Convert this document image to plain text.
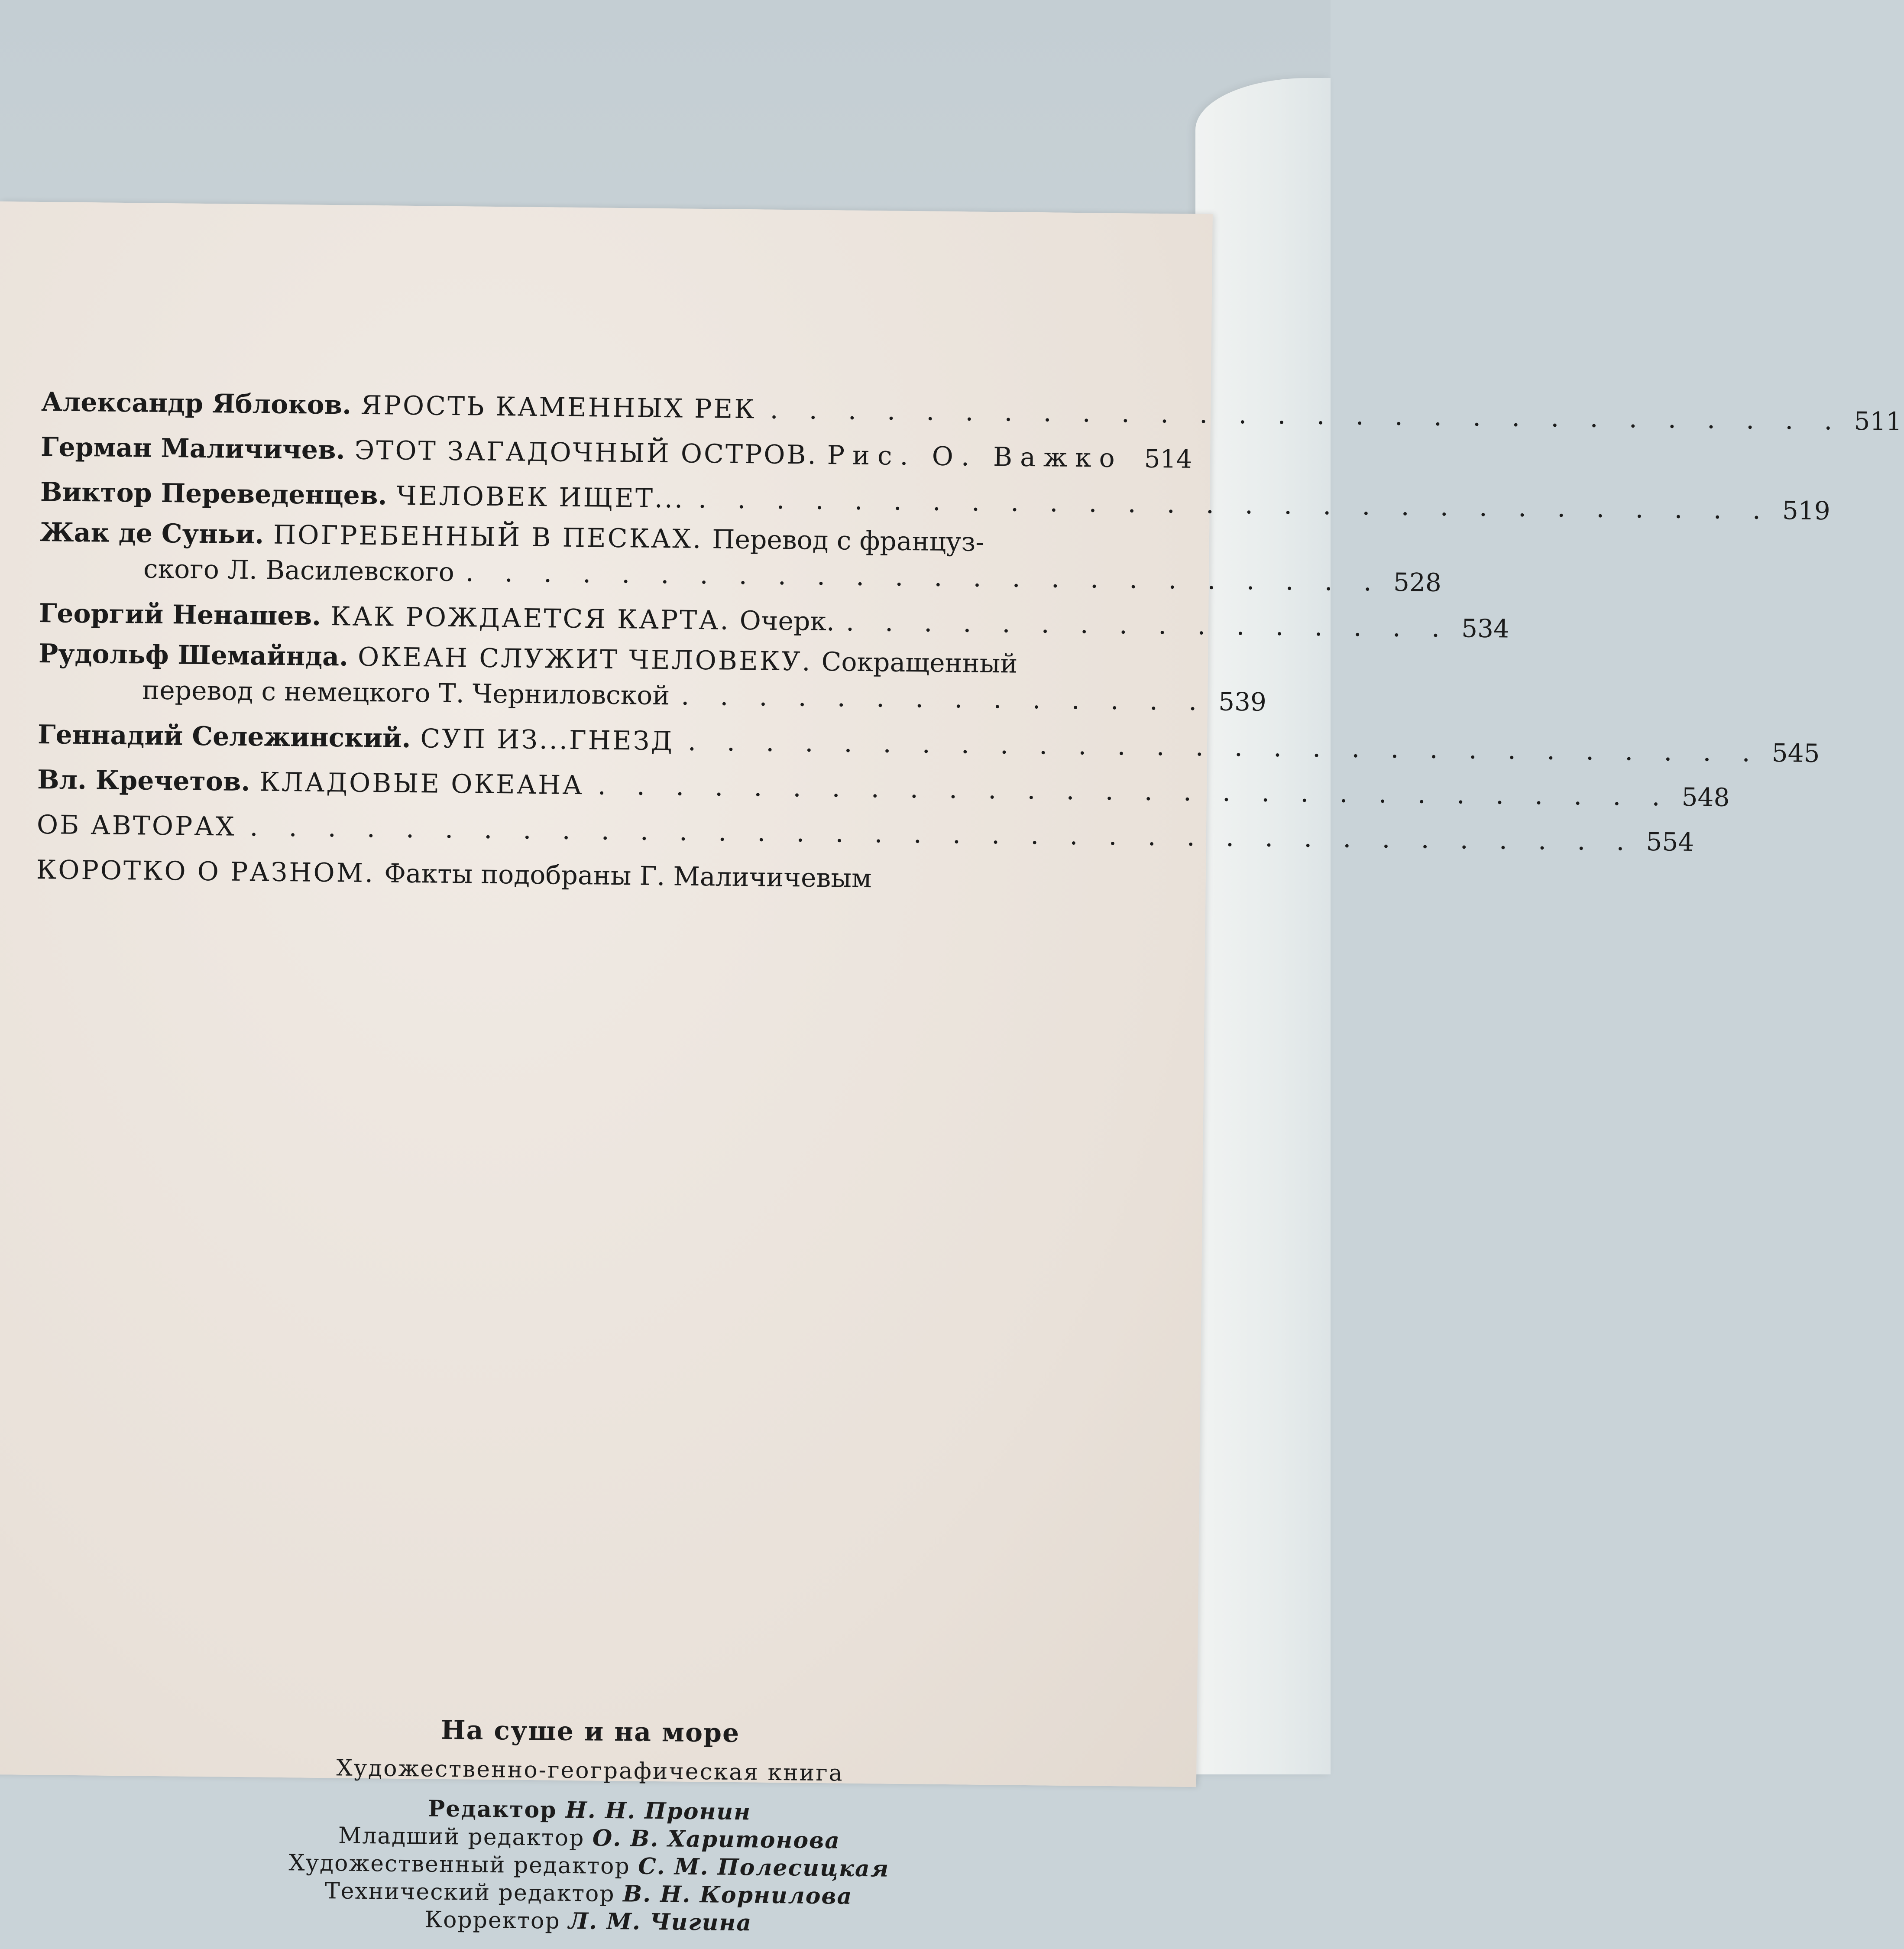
Александр Яблоков. ЯРОСТЬ КАМЕННЫХ РЕК . . . . . . . . . . . . . . . . . . . . . . . . . . . . 511
Герман Маличичев. ЭТОТ ЗАГАДОЧНЫЙ ОСТРОВ. Рис. О. Важко 514
Виктор Переведенцев. ЧЕЛОВЕК ИЩЕТ... . . . . . . . . . . . . . . . . . . . . . . . . . . . . 519
Жак де Суньи. ПОГРЕБЕННЫЙ В ПЕСКАХ. Перевод с француз-
ского Л. Василевского . . . . . . . . . . . . . . . . . . . . . . . . 528
Георгий Ненашев. КАК РОЖДАЕТСЯ КАРТА. Очерк. . . . . . . . . . . . . . . . . 534
Рудольф Шемайнда. ОКЕАН СЛУЖИТ ЧЕЛОВЕКУ. Сокращенный
перевод с немецкого Т. Черниловской . . . . . . . . . . . . . . 539
Геннадий Сележинский. СУП ИЗ...ГНЕЗД . . . . . . . . . . . . . . . . . . . . . . . . . . . . 545
Вл. Кречетов. КЛАДОВЫЕ ОКЕАНА . . . . . . . . . . . . . . . . . . . . . . . . . . . . 548
ОБ АВТОРАХ . . . . . . . . . . . . . . . . . . . . . . . . . . . . . . . . . . . . 554
КОРОТКО О РАЗНОМ. Факты подобраны Г. Маличичевым
На суше и на море
Художественно-географическая книга
Редактор Н. Н. Пронин
Младший редактор О. В. Харитонова
Художественный редактор С. М. Полесицкая
Технический редактор В. Н. Корнилова
Корректор Л. М. Чигина
